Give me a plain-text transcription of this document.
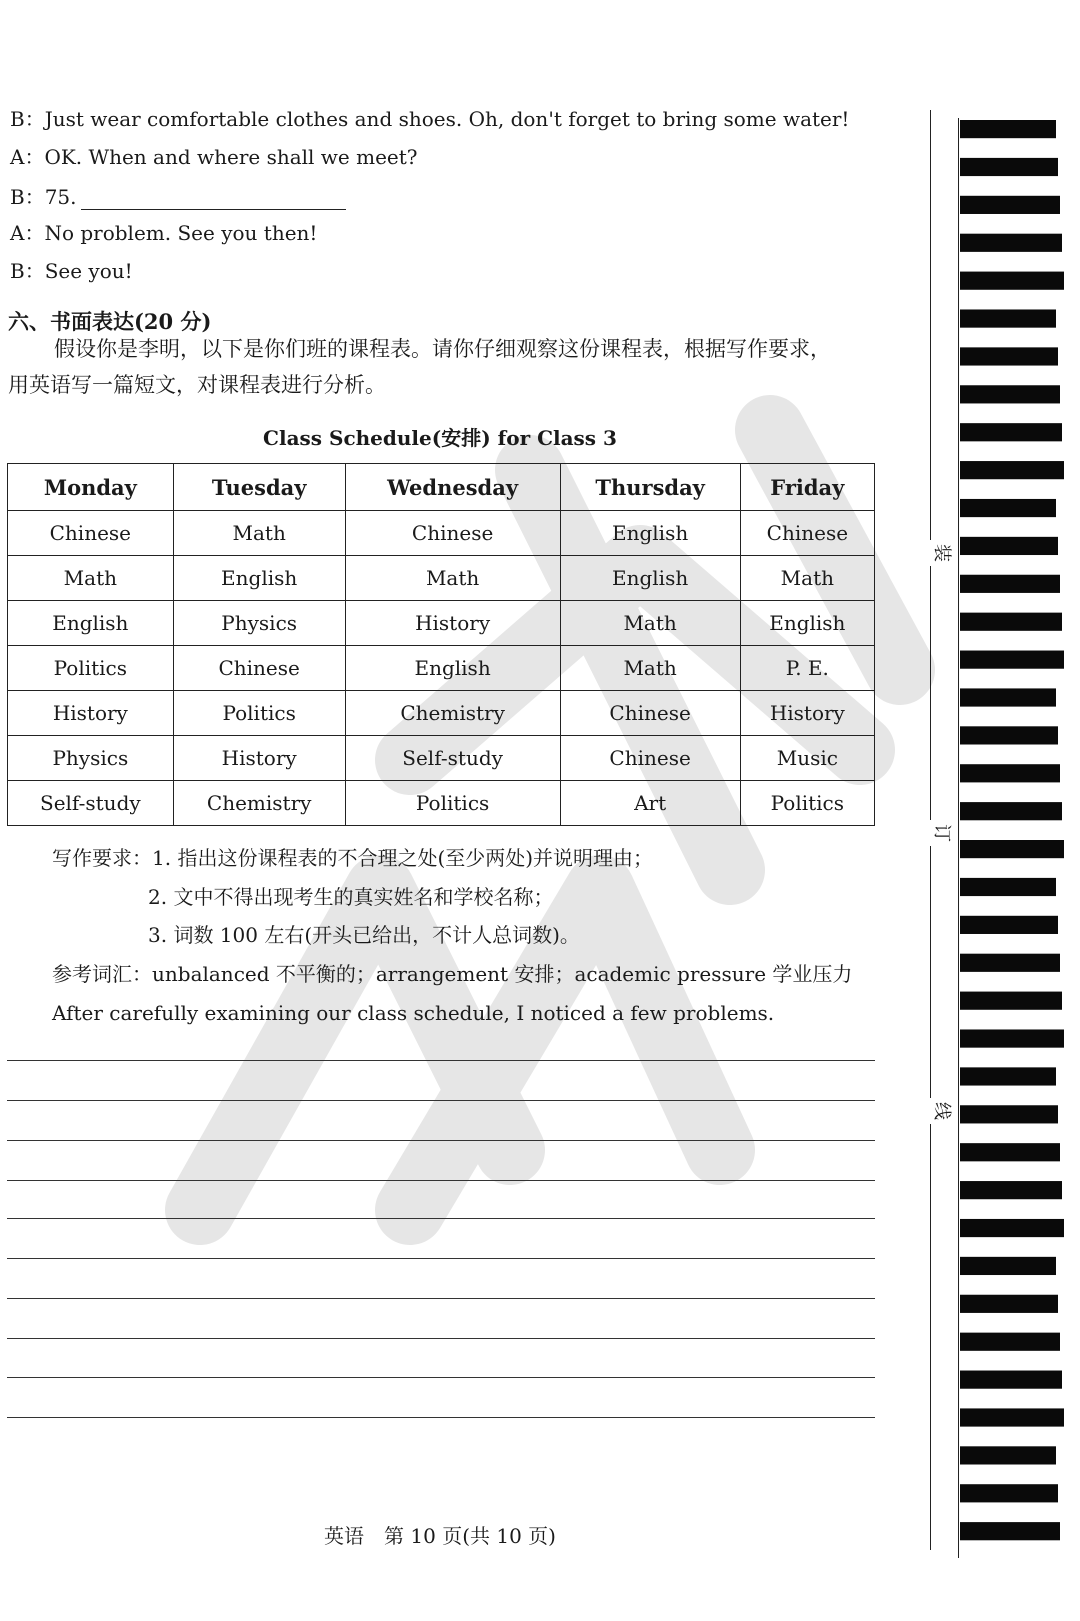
B：Just wear comfortable clothes and shoes. Oh, don't forget to bring some water!
A：OK. When and where shall we meet?
B：75.
A：No problem. See you then!
B：See you!
六、书面表达(20 分)
假设你是李明，以下是你们班的课程表。请你仔细观察这份课程表，根据写作要求，
用英语写一篇短文，对课程表进行分析。
Class Schedule(安排) for Class 3
Monday	Tuesday	Wednesday	Thursday	Friday
Chinese	Math	Chinese	English	Chinese
Math	English	Math	English	Math
English	Physics	History	Math	English
Politics	Chinese	English	Math	P. E.
History	Politics	Chemistry	Chinese	History
Physics	History	Self-study	Chinese	Music
Self-study	Chemistry	Politics	Art	Politics
写作要求：1. 指出这份课程表的不合理之处(至少两处)并说明理由；
2. 文中不得出现考生的真实姓名和学校名称；
3. 词数 100 左右(开头已给出，不计人总词数)。
参考词汇：unbalanced 不平衡的；arrangement 安排；academic pressure 学业压力
After carefully examining our class schedule, I noticed a few problems.
英语　第 10 页(共 10 页)
装
订
线
